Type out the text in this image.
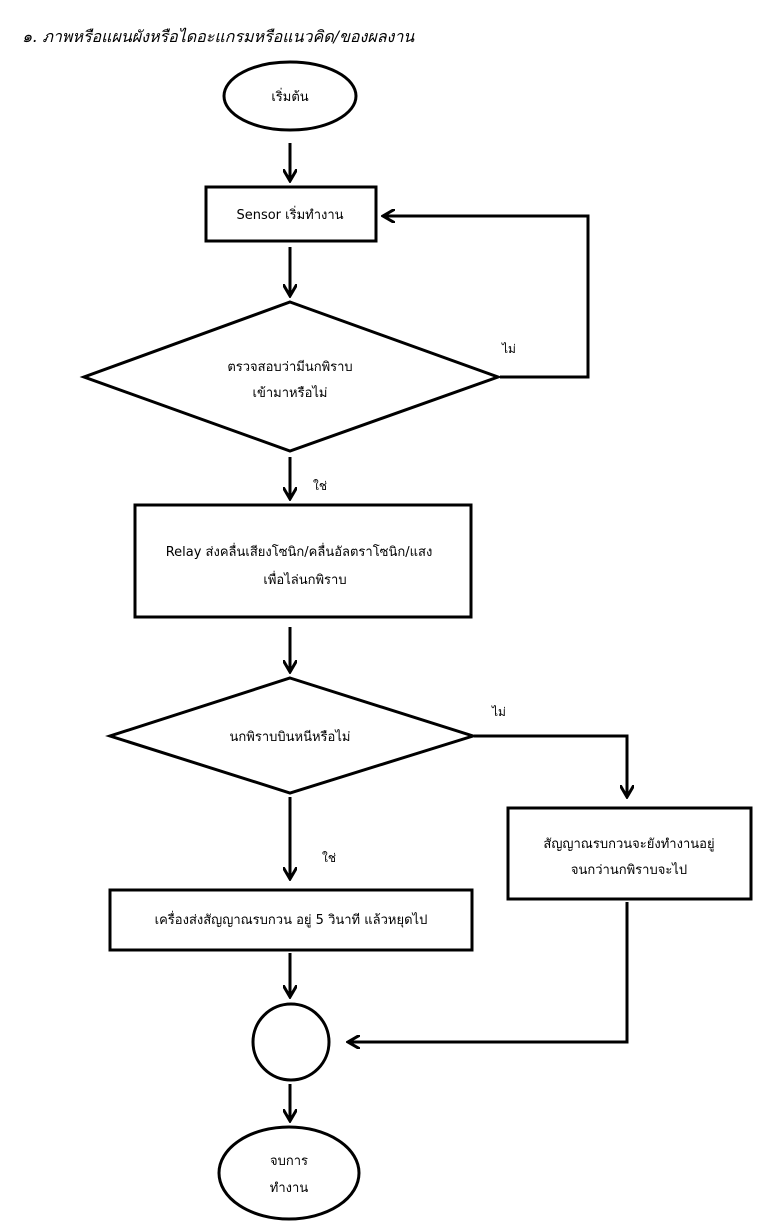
๑. ภาพหรือแผนผังหรือไดอะแกรมหรือแนวคิด/ของผลงาน
เริ่มต้น
Sensor เริ่มทำงาน
ตรวจสอบว่ามีนกพิราบ
เข้ามาหรือไม่
Relay ส่งคลื่นเสียงโซนิก/คลื่นอัลตราโซนิก/แสง
เพื่อไล่นกพิราบ
นกพิราบบินหนีหรือไม่
สัญญาณรบกวนจะยังทำงานอยู่
จนกว่านกพิราบจะไป
เครื่องส่งสัญญาณรบกวน อยู่ 5 วินาที แล้วหยุดไป
จบการ
ทำงาน
ไม่
ใช่
ไม่
ใช่
